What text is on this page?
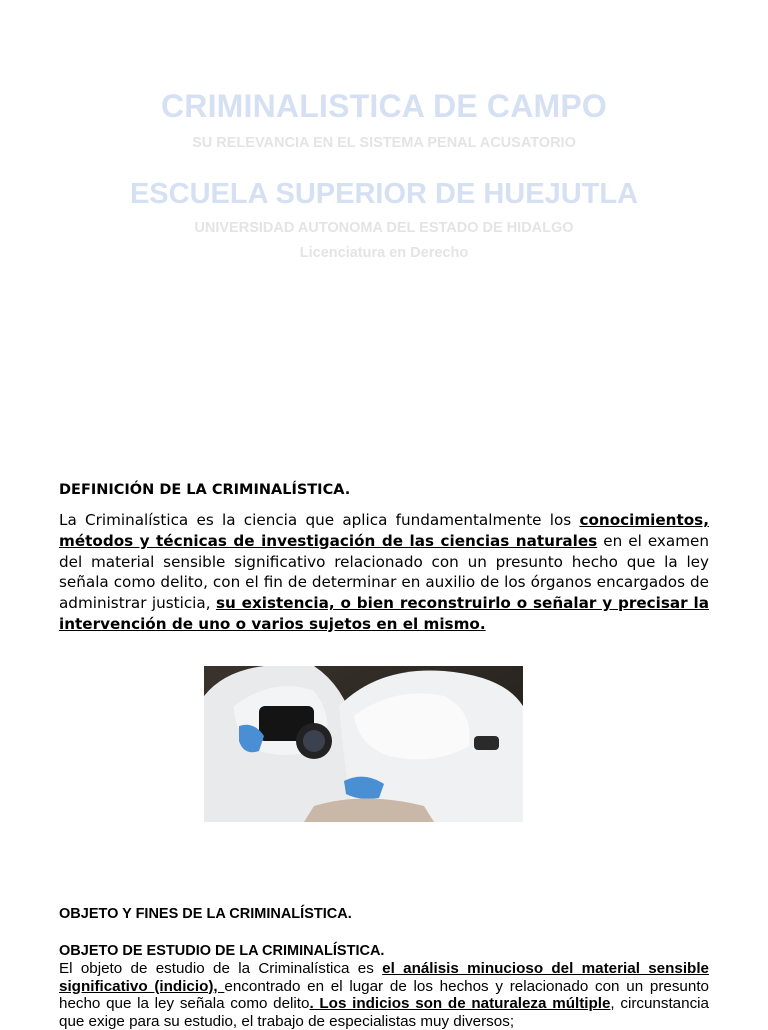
CRIMINALISTICA DE CAMPO
SU RELEVANCIA EN EL SISTEMA PENAL ACUSATORIO
ESCUELA SUPERIOR DE HUEJUTLA
UNIVERSIDAD AUTONOMA DEL ESTADO DE HIDALGO
Licenciatura en Derecho
DEFINICIÓN DE LA CRIMINALÍSTICA.
La Criminalística es la ciencia que aplica fundamentalmente los conocimientos, métodos y técnicas de investigación de las ciencias naturales en el examen del material sensible significativo relacionado con un presunto hecho que la ley señala como delito, con el fin de determinar en auxilio de los órganos encargados de administrar justicia, su existencia, o bien reconstruirlo o señalar y precisar la intervención de uno o varios sujetos en el mismo.
OBJETO Y FINES DE LA CRIMINALÍSTICA.
OBJETO DE ESTUDIO DE LA CRIMINALÍSTICA.
El objeto de estudio de la Criminalística es el análisis minucioso del material sensible significativo (indicio), encontrado en el lugar de los hechos y relacionado con un presunto hecho que la ley señala como delito. Los indicios son de naturaleza múltiple, circunstancia que exige para su estudio, el trabajo de especialistas muy diversos;
